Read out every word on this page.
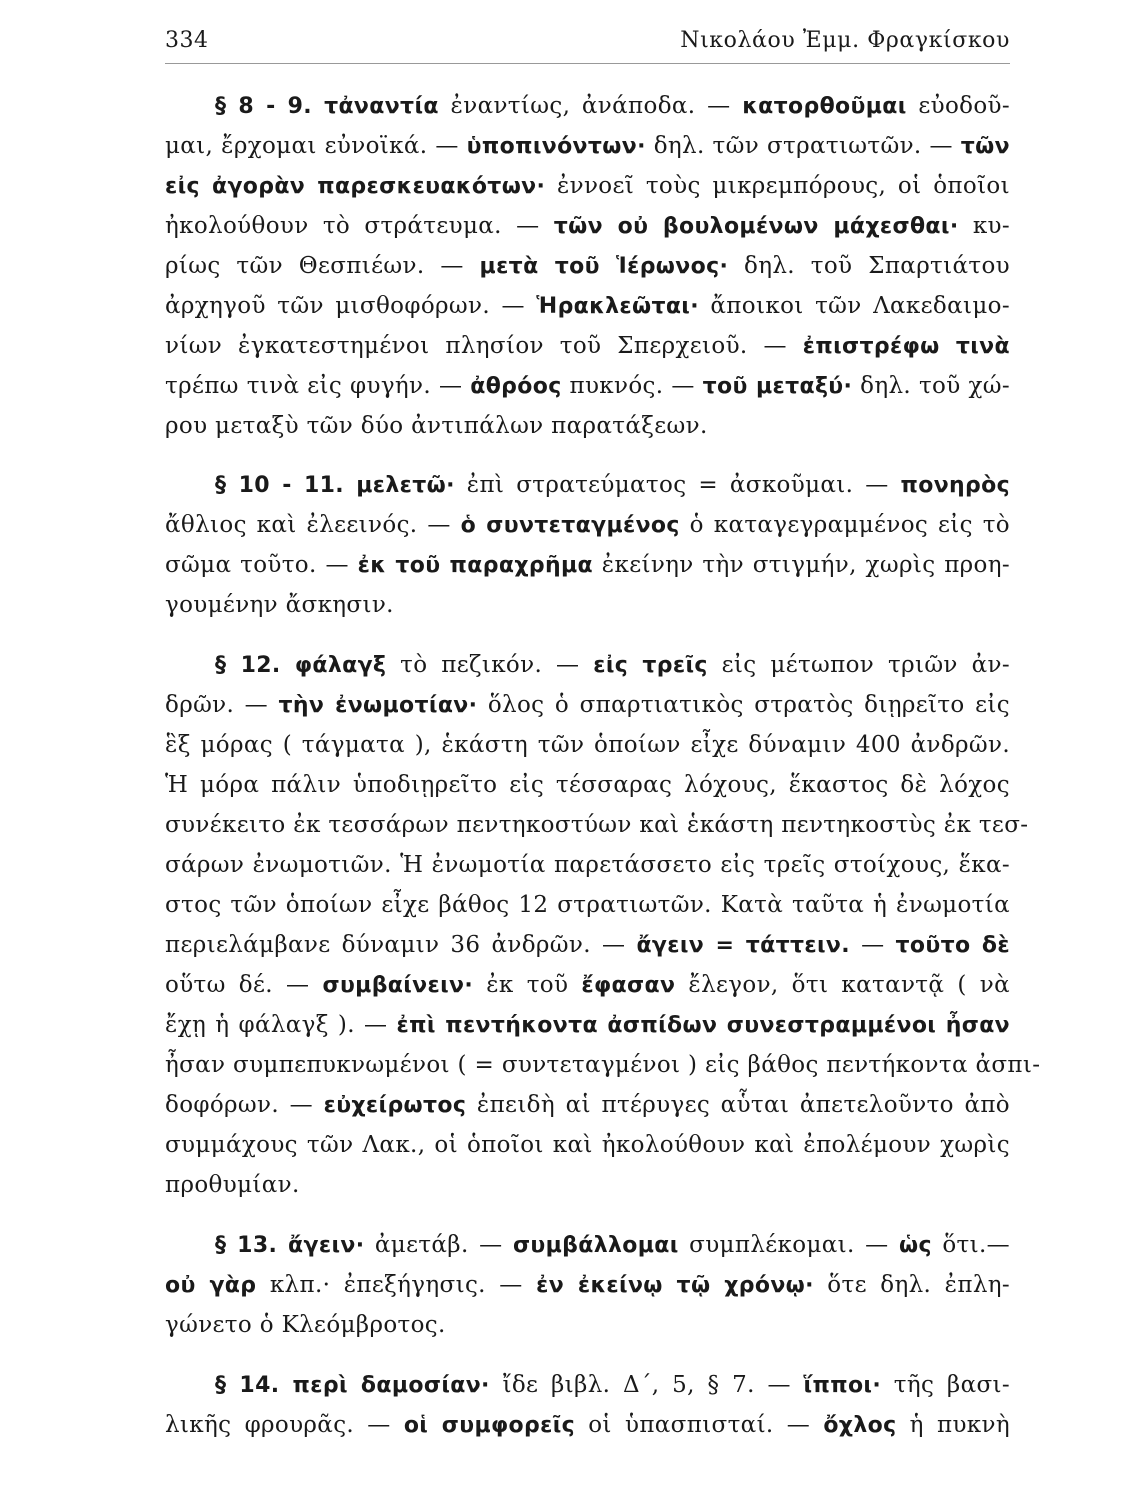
334	Νικολάου Ἐμμ. Φραγκίσκου
§ 8 - 9. τἀναντία ἐναντίως, ἀνάποδα. — κατορθοῦμαι εὐοδοῦ-
μαι, ἔρχομαι εὐνοϊκά. — ὑποπινόντων· δηλ. τῶν στρατιωτῶν. — τῶν
εἰς ἀγορὰν παρεσκευακότων· ἐννοεῖ τοὺς μικρεμπόρους, οἱ ὁποῖοι
ἠκολούθουν τὸ στράτευμα. — τῶν οὐ βουλομένων μάχεσθαι· κυ-
ρίως τῶν Θεσπιέων. — μετὰ τοῦ Ἱέρωνος· δηλ. τοῦ Σπαρτιάτου
ἀρχηγοῦ τῶν μισθοφόρων. — Ἡρακλεῶται· ἄποικοι τῶν Λακεδαιμο-
νίων ἐγκατεστημένοι πλησίον τοῦ Σπερχειοῦ. — ἐπιστρέφω τινὰ
τρέπω τινὰ εἰς φυγήν. — ἀθρόος πυκνός. — τοῦ μεταξύ· δηλ. τοῦ χώ-
ρου μεταξὺ τῶν δύο ἀντιπάλων παρατάξεων.
§ 10 - 11. μελετῶ· ἐπὶ στρατεύματος = ἀσκοῦμαι. — πονηρὸς
ἄθλιος καὶ ἐλεεινός. — ὁ συντεταγμένος ὁ καταγεγραμμένος εἰς τὸ
σῶμα τοῦτο. — ἐκ τοῦ παραχρῆμα ἐκείνην τὴν στιγμήν, χωρὶς προη-
γουμένην ἄσκησιν.
§ 12. φάλαγξ τὸ πεζικόν. — εἰς τρεῖς εἰς μέτωπον τριῶν ἀν-
δρῶν. — τὴν ἐνωμοτίαν· ὅλος ὁ σπαρτιατικὸς στρατὸς διῃρεῖτο εἰς
ἓξ μόρας ( τάγματα ), ἑκάστη τῶν ὁποίων εἶχε δύναμιν 400 ἀνδρῶν.
Ἡ μόρα πάλιν ὑποδιῃρεῖτο εἰς τέσσαρας λόχους, ἕκαστος δὲ λόχος
συνέκειτο ἐκ τεσσάρων πεντηκοστύων καὶ ἑκάστη πεντηκοστὺς ἐκ τεσ-
σάρων ἐνωμοτιῶν. Ἡ ἐνωμοτία παρετάσσετο εἰς τρεῖς στοίχους, ἕκα-
στος τῶν ὁποίων εἶχε βάθος 12 στρατιωτῶν. Κατὰ ταῦτα ἡ ἐνωμοτία
περιελάμβανε δύναμιν 36 ἀνδρῶν. — ἄγειν = τάττειν. — τοῦτο δὲ
οὕτω δέ. — συμβαίνειν· ἐκ τοῦ ἔφασαν ἔλεγον, ὅτι καταντᾷ ( νὰ
ἔχῃ ἡ φάλαγξ ). — ἐπὶ πεντήκοντα ἀσπίδων συνεστραμμένοι ἦσαν
ἦσαν συμπεπυκνωμένοι ( = συντεταγμένοι ) εἰς βάθος πεντήκοντα ἀσπι-
δοφόρων. — εὐχείρωτος ἐπειδὴ αἱ πτέρυγες αὗται ἀπετελοῦντο ἀπὸ
συμμάχους τῶν Λακ., οἱ ὁποῖοι καὶ ἠκολούθουν καὶ ἐπολέμουν χωρὶς
προθυμίαν.
§ 13. ἄγειν· ἀμετάβ. — συμβάλλομαι συμπλέκομαι. — ὡς ὅτι.—
οὐ γὰρ κλπ.· ἐπεξήγησις. — ἐν ἐκείνῳ τῷ χρόνῳ· ὅτε δηλ. ἐπλη-
γώνετο ὁ Κλεόμβροτος.
§ 14. περὶ δαμοσίαν· ἴδε βιβλ. Δ΄, 5, § 7. — ἵπποι· τῆς βασι-
λικῆς φρουρᾶς. — οἱ συμφορεῖς οἱ ὑπασπισταί. — ὄχλος ἡ πυκνὴ
